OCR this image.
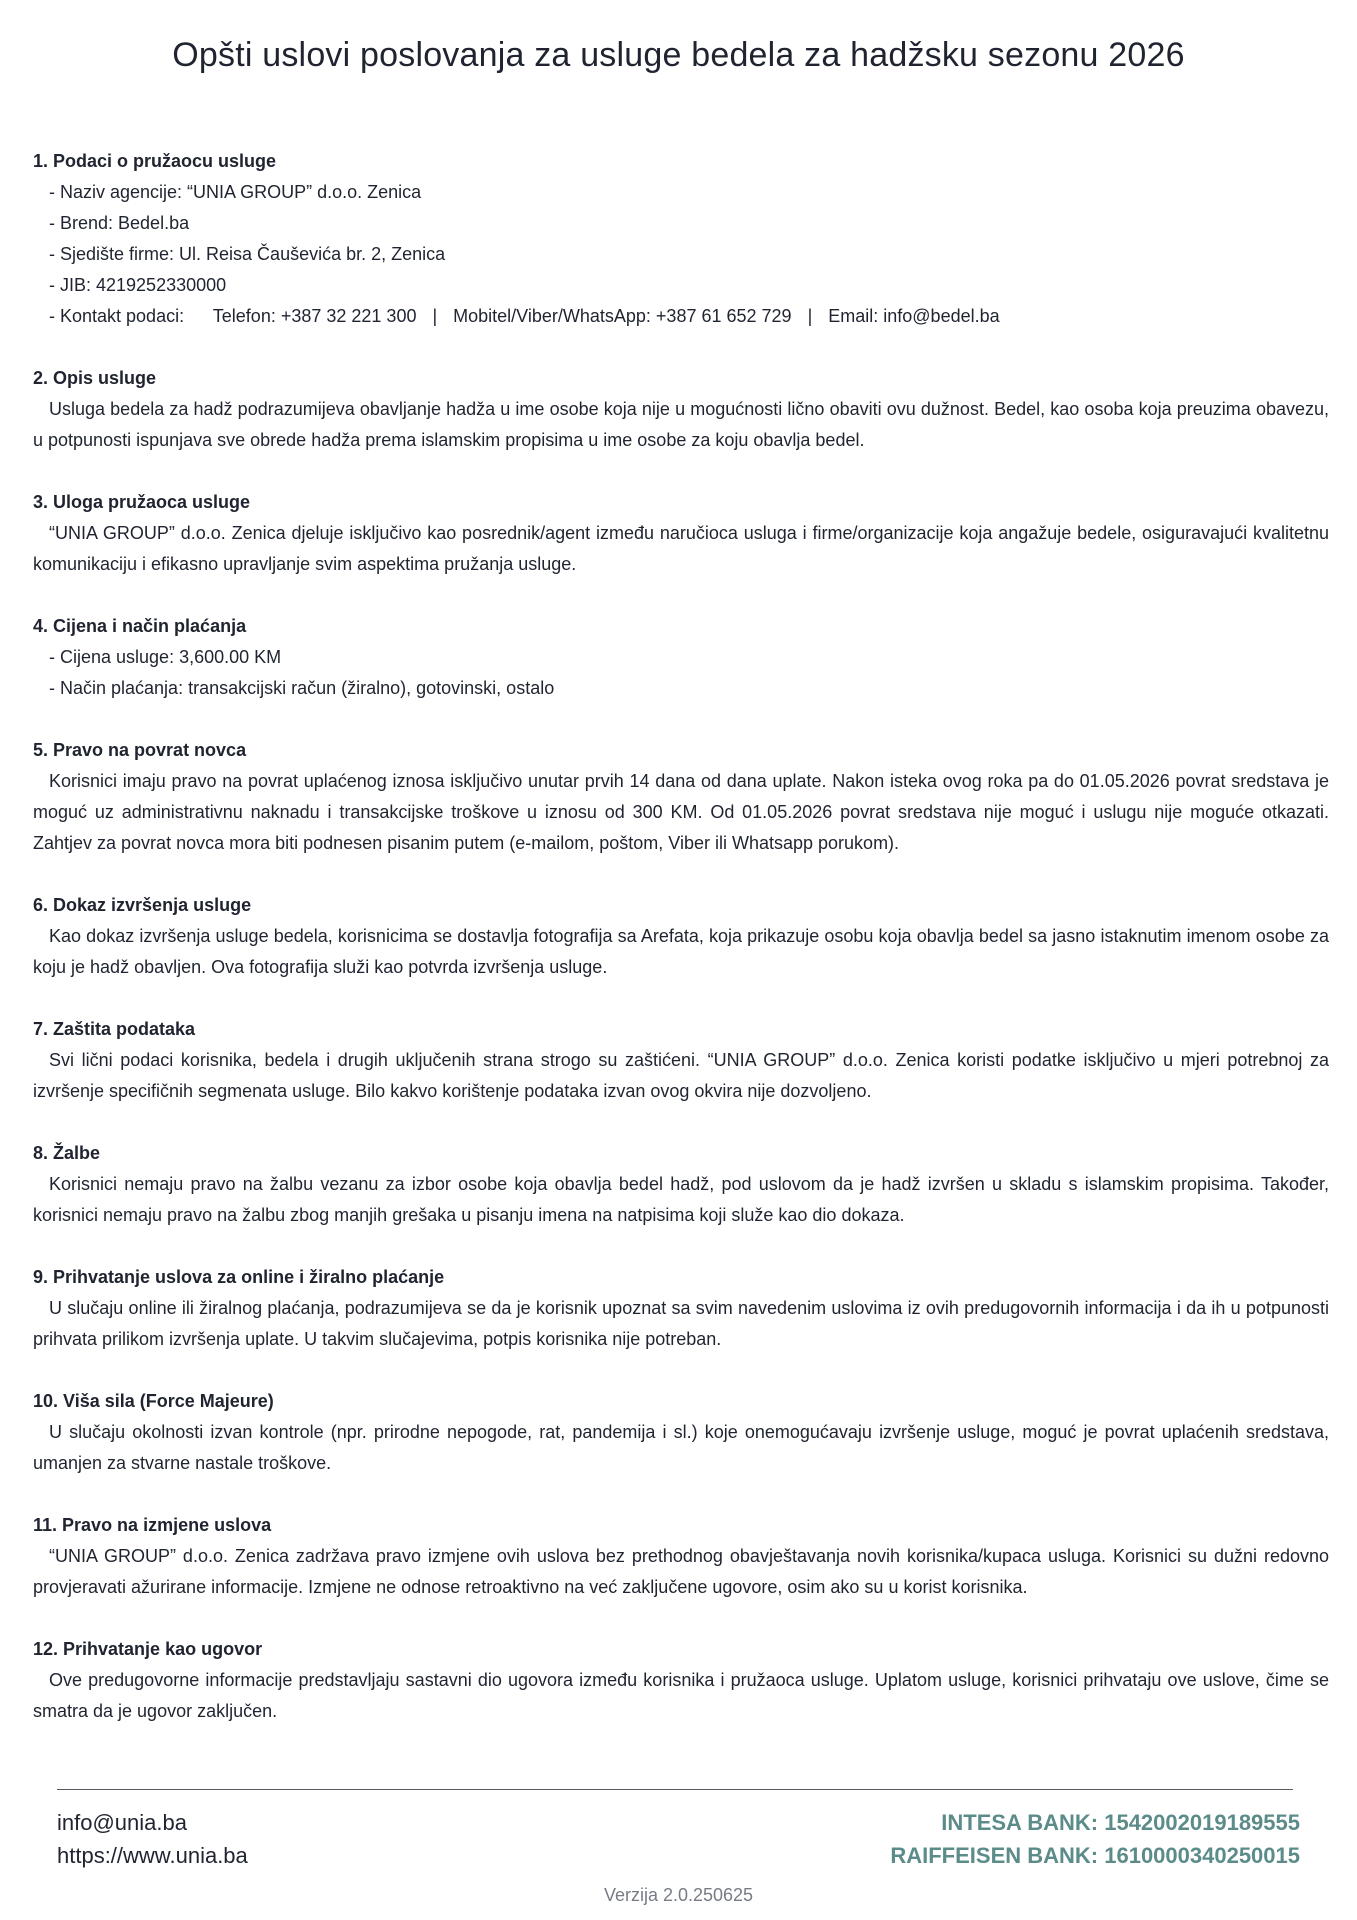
Opšti uslovi poslovanja za usluge bedela za hadžsku sezonu 2026
1. Podaci o pružaocu usluge
- Naziv agencije: “UNIA GROUP” d.o.o. Zenica
- Brend: Bedel.ba
- Sjedište firme: Ul. Reisa Čauševića br. 2, Zenica
- JIB: 4219252330000
- Kontakt podaci: Telefon: +387 32 221 300 | Mobitel/Viber/WhatsApp: +387 61 652 729 | Email: info@bedel.ba
2. Opis usluge

Usluga bedela za hadž podrazumijeva obavljanje hadža u ime osobe koja nije u mogućnosti lično obaviti ovu dužnost. Bedel, kao osoba koja preuzima obavezu, u potpunosti ispunjava sve obrede hadža prema islamskim propisima u ime osobe za koju obavlja bedel.

3. Uloga pružaoca usluge

“UNIA GROUP” d.o.o. Zenica djeluje isključivo kao posrednik/agent između naručioca usluga i firme/organizacije koja angažuje bedele, osiguravajući kvalitetnu komunikaciju i efikasno upravljanje svim aspektima pružanja usluge.

4. Cijena i način plaćanja
- Cijena usluge: 3,600.00 KM
- Način plaćanja: transakcijski račun (žiralno), gotovinski, ostalo
5. Pravo na povrat novca

Korisnici imaju pravo na povrat uplaćenog iznosa isključivo unutar prvih 14 dana od dana uplate. Nakon isteka ovog roka pa do 01.05.2026 povrat sredstava je moguć uz administrativnu naknadu i transakcijske troškove u iznosu od 300 KM. Od 01.05.2026 povrat sredstava nije moguć i uslugu nije moguće otkazati. Zahtjev za povrat novca mora biti podnesen pisanim putem (e-mailom, poštom, Viber ili Whatsapp porukom).

6. Dokaz izvršenja usluge

Kao dokaz izvršenja usluge bedela, korisnicima se dostavlja fotografija sa Arefata, koja prikazuje osobu koja obavlja bedel sa jasno istaknutim imenom osobe za koju je hadž obavljen. Ova fotografija služi kao potvrda izvršenja usluge.

7. Zaštita podataka

Svi lični podaci korisnika, bedela i drugih uključenih strana strogo su zaštićeni. “UNIA GROUP” d.o.o. Zenica koristi podatke isključivo u mjeri potrebnoj za izvršenje specifičnih segmenata usluge. Bilo kakvo korištenje podataka izvan ovog okvira nije dozvoljeno.

8. Žalbe

Korisnici nemaju pravo na žalbu vezanu za izbor osobe koja obavlja bedel hadž, pod uslovom da je hadž izvršen u skladu s islamskim propisima. Također, korisnici nemaju pravo na žalbu zbog manjih grešaka u pisanju imena na natpisima koji služe kao dio dokaza.

9. Prihvatanje uslova za online i žiralno plaćanje

U slučaju online ili žiralnog plaćanja, podrazumijeva se da je korisnik upoznat sa svim navedenim uslovima iz ovih predugovornih informacija i da ih u potpunosti prihvata prilikom izvršenja uplate. U takvim slučajevima, potpis korisnika nije potreban.

10. Viša sila (Force Majeure)

U slučaju okolnosti izvan kontrole (npr. prirodne nepogode, rat, pandemija i sl.) koje onemogućavaju izvršenje usluge, moguć je povrat uplaćenih sredstava, umanjen za stvarne nastale troškove.

11. Pravo na izmjene uslova

“UNIA GROUP” d.o.o. Zenica zadržava pravo izmjene ovih uslova bez prethodnog obavještavanja novih korisnika/kupaca usluga. Korisnici su dužni redovno provjeravati ažurirane informacije. Izmjene ne odnose retroaktivno na već zaključene ugovore, osim ako su u korist korisnika.

12. Prihvatanje kao ugovor

Ove predugovorne informacije predstavljaju sastavni dio ugovora između korisnika i pružaoca usluge. Uplatom usluge, korisnici prihvataju ove uslove, čime se smatra da je ugovor zaključen.

info@unia.ba
https://www.unia.ba
INTESA BANK: 1542002019189555
RAIFFEISEN BANK: 1610000340250015
Verzija 2.0.250625
